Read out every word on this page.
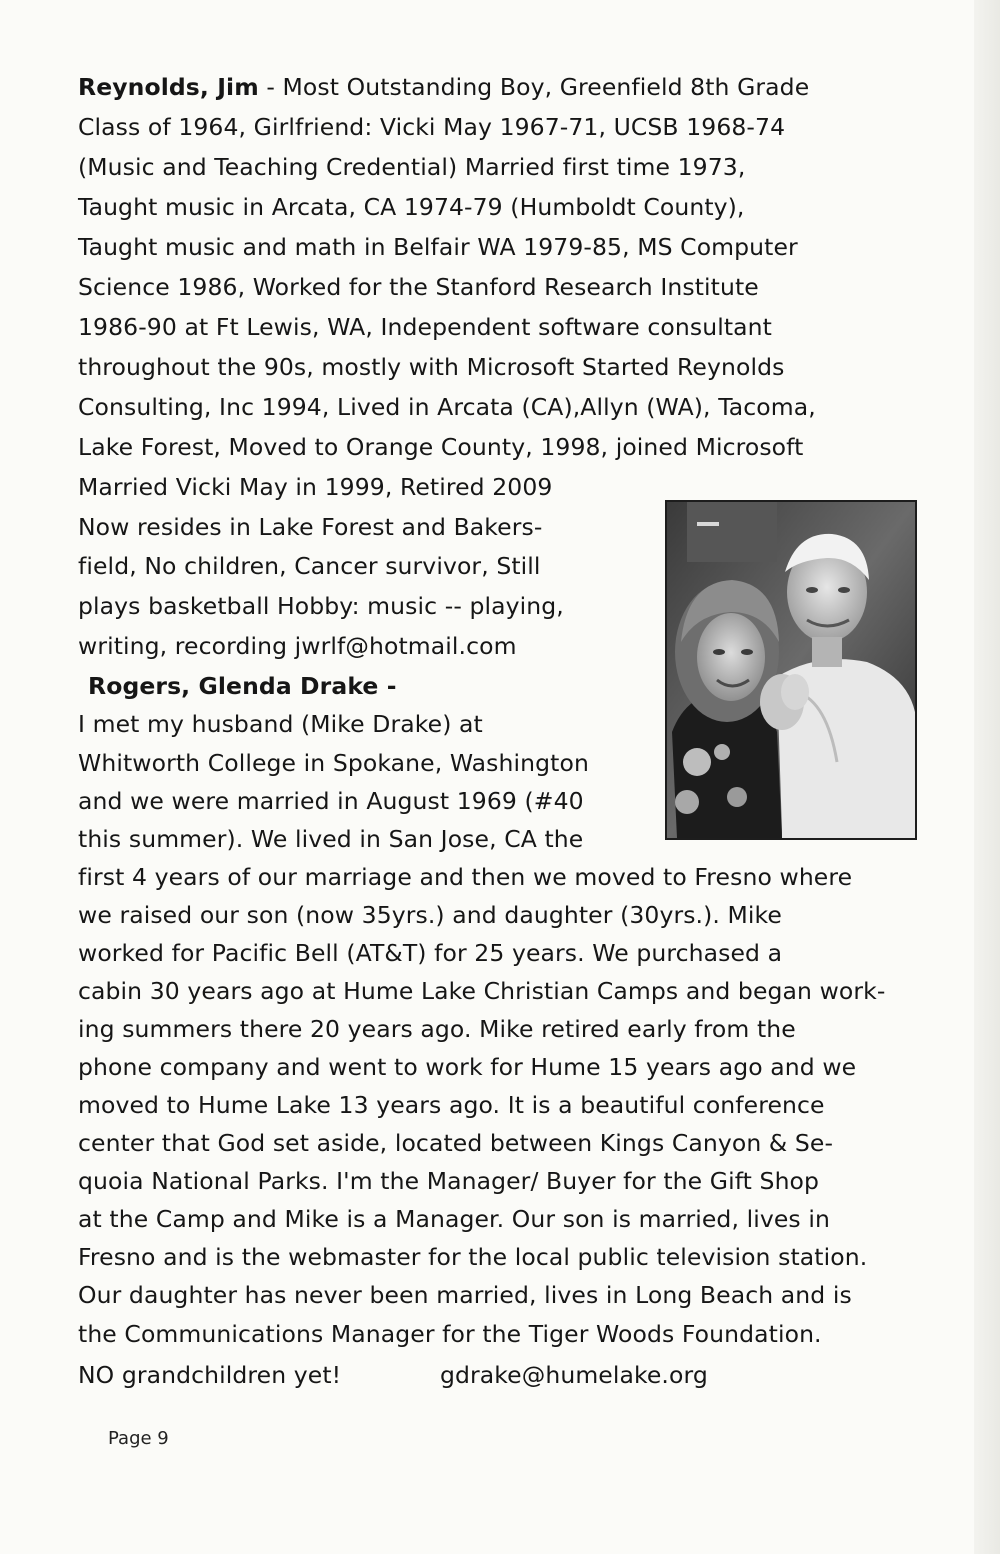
Reynolds, Jim - Most Outstanding Boy, Greenfield 8th Grade
Class of 1964, Girlfriend: Vicki May 1967-71, UCSB 1968-74
(Music and Teaching Credential) Married first time 1973,
Taught music in Arcata, CA 1974-79 (Humboldt County),
Taught music and math in Belfair WA 1979-85, MS Computer
Science 1986, Worked for the Stanford Research Institute
1986-90 at Ft Lewis, WA, Independent software consultant
throughout the 90s, mostly with Microsoft Started Reynolds
Consulting, Inc 1994, Lived in Arcata (CA),Allyn (WA), Tacoma,
Lake Forest, Moved to Orange County, 1998, joined Microsoft
Married Vicki May in 1999, Retired 2009
Now resides in Lake Forest and Bakers-
field, No children, Cancer survivor, Still
plays basketball Hobby: music -- playing,
writing, recording jwrlf@hotmail.com
Rogers, Glenda Drake -
I met my husband (Mike Drake) at
Whitworth College in Spokane, Washington
and we were married in August 1969 (#40
this summer). We lived in San Jose, CA the
first 4 years of our marriage and then we moved to Fresno where
we raised our son (now 35yrs.) and daughter (30yrs.). Mike
worked for Pacific Bell (AT&T) for 25 years. We purchased a
cabin 30 years ago at Hume Lake Christian Camps and began work-
ing summers there 20 years ago. Mike retired early from the
phone company and went to work for Hume 15 years ago and we
moved to Hume Lake 13 years ago. It is a beautiful conference
center that God set aside, located between Kings Canyon & Se-
quoia National Parks. I'm the Manager/ Buyer for the Gift Shop
at the Camp and Mike is a Manager. Our son is married, lives in
Fresno and is the webmaster for the local public television station.
Our daughter has never been married, lives in Long Beach and is
the Communications Manager for the Tiger Woods Foundation.
NO grandchildren yet!	gdrake@humelake.org
Page 9
